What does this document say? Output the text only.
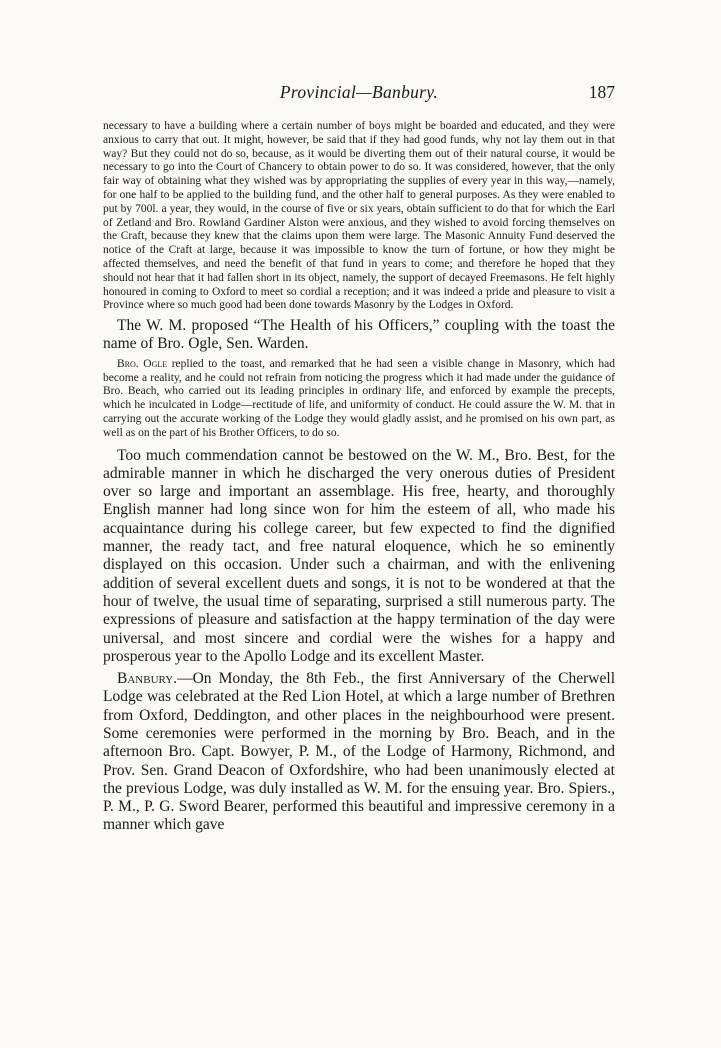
Provincial—Banbury.	187

necessary to have a building where a certain number of boys might be boarded and educated, and they were anxious to carry that out. It might, however, be said that if they had good funds, why not lay them out in that way? But they could not do so, because, as it would be diverting them out of their natural course, it would be necessary to go into the Court of Chancery to obtain power to do so. It was considered, however, that the only fair way of obtaining what they wished was by appropriating the supplies of every year in this way,—namely, for one half to be applied to the building fund, and the other half to general purposes. As they were enabled to put by 700l. a year, they would, in the course of five or six years, obtain sufficient to do that for which the Earl of Zetland and Bro. Rowland Gardiner Alston were anxious, and they wished to avoid forcing themselves on the Craft, because they knew that the claims upon them were large. The Masonic Annuity Fund deserved the notice of the Craft at large, because it was impossible to know the turn of fortune, or how they might be affected themselves, and need the benefit of that fund in years to come; and therefore he hoped that they should not hear that it had fallen short in its object, namely, the support of decayed Freemasons. He felt highly honoured in coming to Oxford to meet so cordial a reception; and it was indeed a pride and pleasure to visit a Province where so much good had been done towards Masonry by the Lodges in Oxford.

The W. M. proposed “The Health of his Officers,” coupling with the toast the name of Bro. Ogle, Sen. Warden.

Bro. Ogle replied to the toast, and remarked that he had seen a visible change in Masonry, which had become a reality, and he could not refrain from noticing the progress which it had made under the guidance of Bro. Beach, who carried out its leading principles in ordinary life, and enforced by example the precepts, which he inculcated in Lodge—rectitude of life, and uniformity of conduct. He could assure the W. M. that in carrying out the accurate working of the Lodge they would gladly assist, and he promised on his own part, as well as on the part of his Brother Officers, to do so.

Too much commendation cannot be bestowed on the W. M., Bro. Best, for the admirable manner in which he discharged the very onerous duties of President over so large and important an assemblage. His free, hearty, and thoroughly English manner had long since won for him the esteem of all, who made his acquaintance during his college career, but few expected to find the dignified manner, the ready tact, and free natural eloquence, which he so eminently displayed on this occasion. Under such a chairman, and with the enlivening addition of several excellent duets and songs, it is not to be wondered at that the hour of twelve, the usual time of separating, surprised a still numerous party. The expressions of pleasure and satisfaction at the happy termination of the day were universal, and most sincere and cordial were the wishes for a happy and prosperous year to the Apollo Lodge and its excellent Master.

Banbury.—On Monday, the 8th Feb., the first Anniversary of the Cherwell Lodge was celebrated at the Red Lion Hotel, at which a large number of Brethren from Oxford, Deddington, and other places in the neighbourhood were present. Some ceremonies were performed in the morning by Bro. Beach, and in the afternoon Bro. Capt. Bowyer, P. M., of the Lodge of Harmony, Richmond, and Prov. Sen. Grand Deacon of Oxfordshire, who had been unanimously elected at the previous Lodge, was duly installed as W. M. for the ensuing year. Bro. Spiers., P. M., P. G. Sword Bearer, performed this beautiful and impressive ceremony in a manner which gave
